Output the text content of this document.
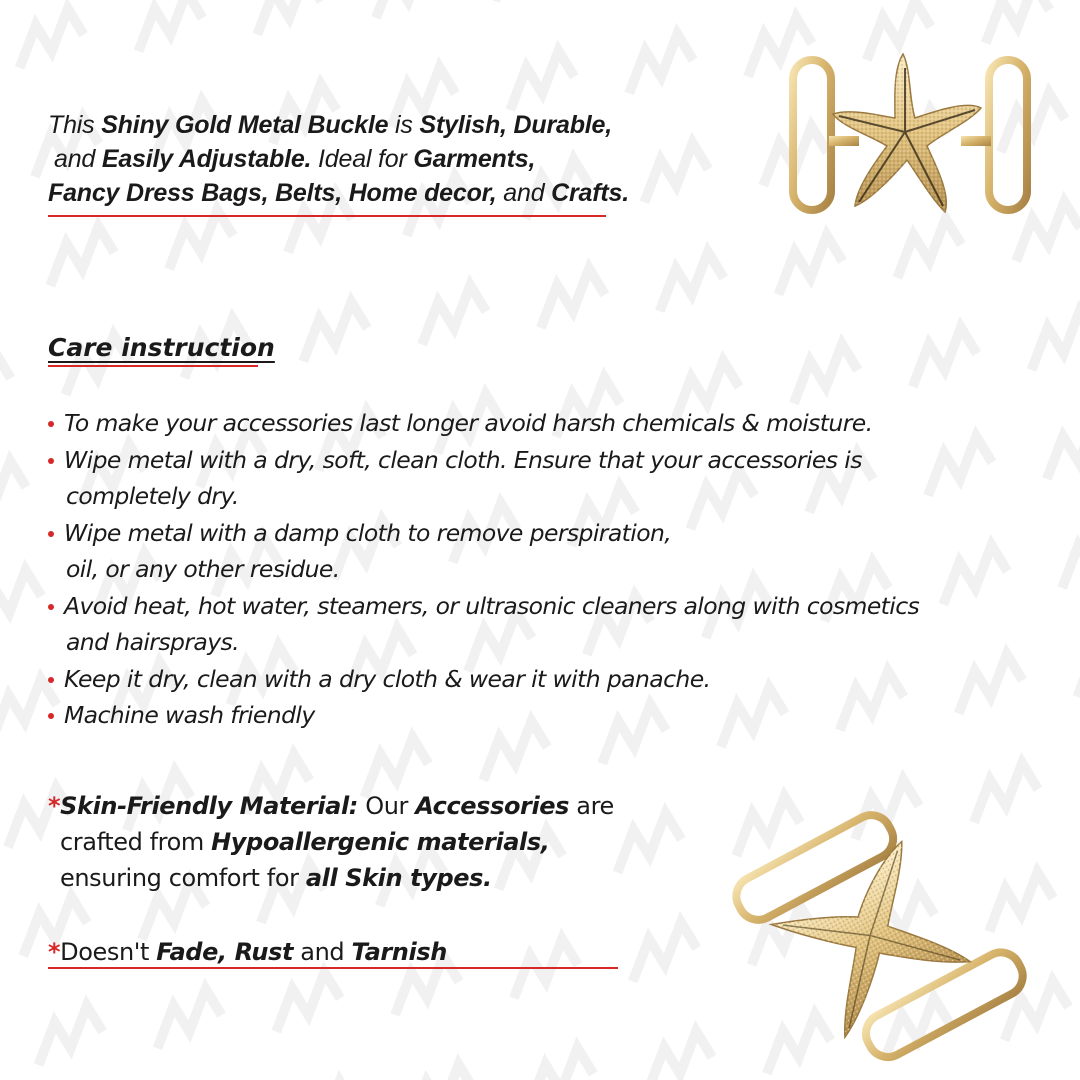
This Shiny Gold Metal Buckle is Stylish, Durable,
and Easily Adjustable. Ideal for Garments,
Fancy Dress Bags, Belts, Home decor, and Crafts.
Care instruction
To make your accessories last longer avoid harsh chemicals & moisture.
Wipe metal with a dry, soft, clean cloth. Ensure that your accessories is
completely dry.
Wipe metal with a damp cloth to remove perspiration,
oil, or any other residue.
Avoid heat, hot water, steamers, or ultrasonic cleaners along with cosmetics
and hairsprays.
Keep it dry, clean with a dry cloth & wear it with panache.
Machine wash friendly
*Skin-Friendly Material: Our Accessories are
crafted from Hypoallergenic materials,
ensuring comfort for all Skin types.
*Doesn't Fade, Rust and Tarnish
